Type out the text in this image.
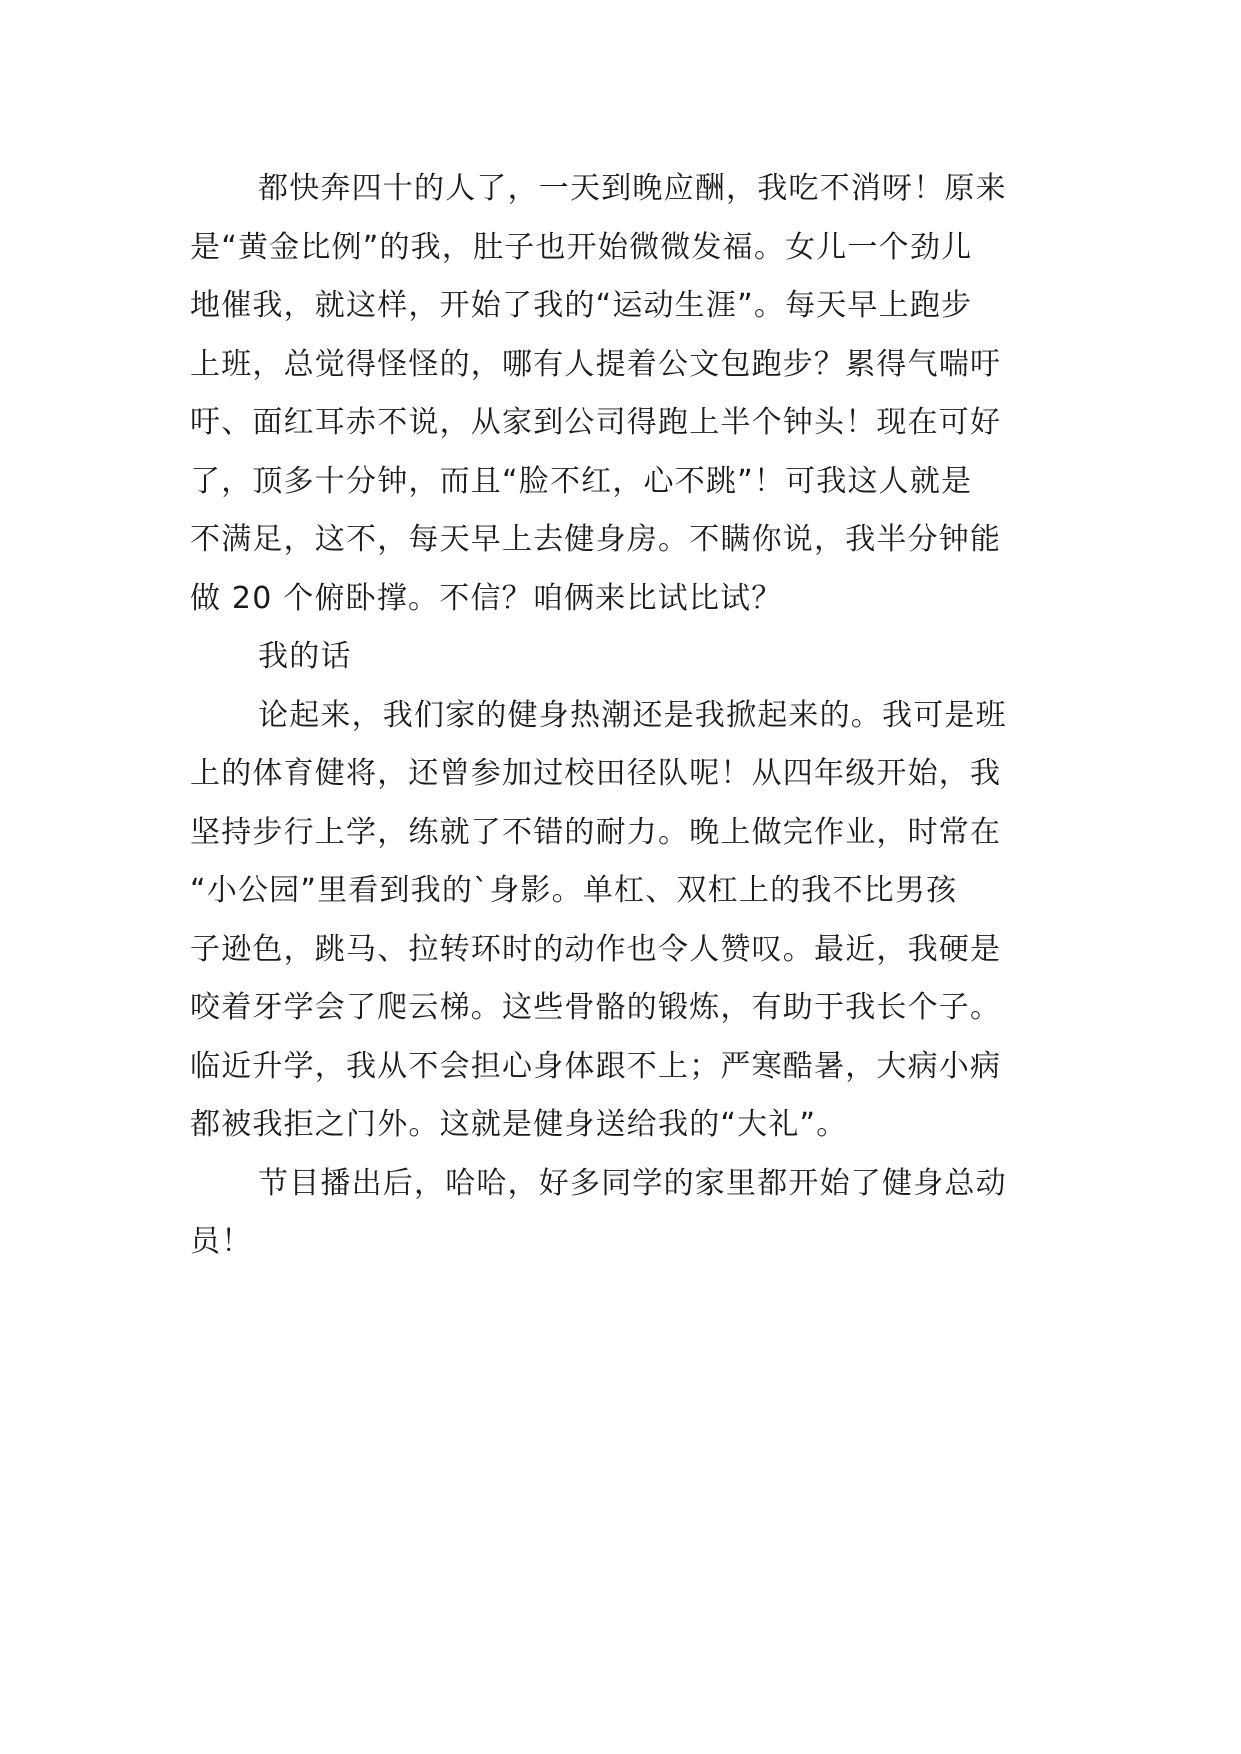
都快奔四十的人了，一天到晚应酬，我吃不消呀！原来
是“黄金比例”的我，肚子也开始微微发福。女儿一个劲儿
地催我，就这样，开始了我的“运动生涯”。每天早上跑步
上班，总觉得怪怪的，哪有人提着公文包跑步？累得气喘吁
吁、面红耳赤不说，从家到公司得跑上半个钟头！现在可好
了，顶多十分钟，而且“脸不红，心不跳”！可我这人就是
不满足，这不，每天早上去健身房。不瞒你说，我半分钟能
做 20 个俯卧撑。不信？咱俩来比试比试？
我的话
论起来，我们家的健身热潮还是我掀起来的。我可是班
上的体育健将，还曾参加过校田径队呢！从四年级开始，我
坚持步行上学，练就了不错的耐力。晚上做完作业，时常在
“小公园”里看到我的`身影。单杠、双杠上的我不比男孩
子逊色，跳马、拉转环时的动作也令人赞叹。最近，我硬是
咬着牙学会了爬云梯。这些骨骼的锻炼，有助于我长个子。
临近升学，我从不会担心身体跟不上；严寒酷暑，大病小病
都被我拒之门外。这就是健身送给我的“大礼”。
节目播出后，哈哈，好多同学的家里都开始了健身总动
员！
